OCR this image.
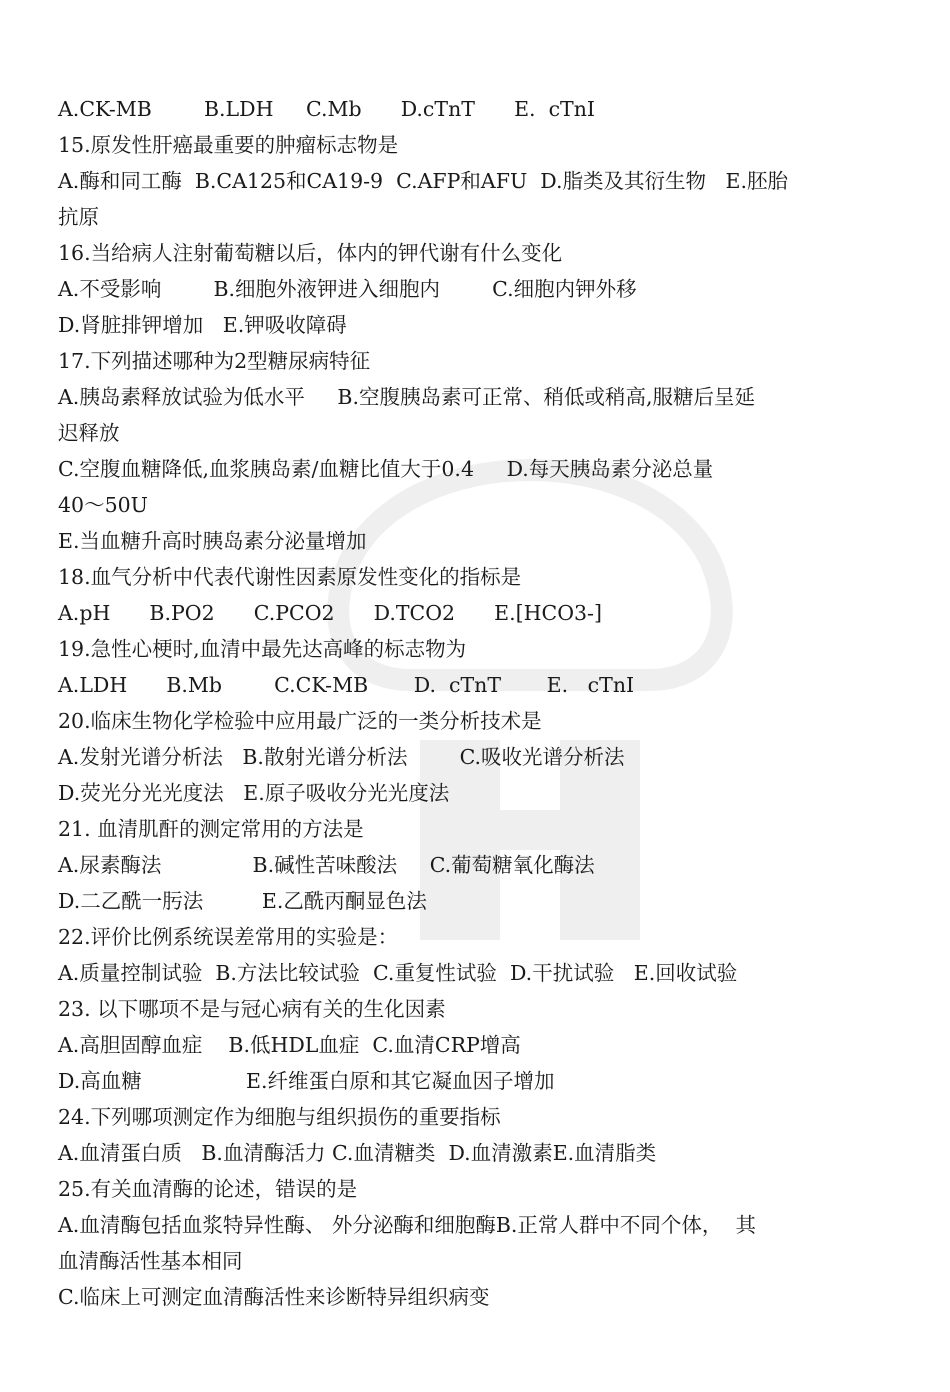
A.CK-MB        B.LDH     C.Mb      D.cTnT      E.  cTnI
15.原发性肝癌最重要的肿瘤标志物是
A.酶和同工酶  B.CA125和CA19-9  C.AFP和AFU  D.脂类及其衍生物   E.胚胎
抗原
16.当给病人注射葡萄糖以后，体内的钾代谢有什么变化
A.不受影响        B.细胞外液钾进入细胞内        C.细胞内钾外移
D.肾脏排钾增加   E.钾吸收障碍
17.下列描述哪种为2型糖尿病特征
A.胰岛素释放试验为低水平     B.空腹胰岛素可正常、稍低或稍高,服糖后呈延
迟释放
C.空腹血糖降低,血浆胰岛素/血糖比值大于0.4     D.每天胰岛素分泌总量
40～50U
E.当血糖升高时胰岛素分泌量增加
18.血气分析中代表代谢性因素原发性变化的指标是
A.pH      B.PO2      C.PCO2      D.TCO2      E.[HCO3-]
19.急性心梗时,血清中最先达高峰的标志物为
A.LDH      B.Mb        C.CK-MB       D.  cTnT       E.   cTnI
20.临床生物化学检验中应用最广泛的一类分析技术是
A.发射光谱分析法   B.散射光谱分析法        C.吸收光谱分析法
D.荧光分光光度法   E.原子吸收分光光度法
21. 血清肌酐的测定常用的方法是
A.尿素酶法              B.碱性苦味酸法     C.葡萄糖氧化酶法
D.二乙酰一肟法         E.乙酰丙酮显色法
22.评价比例系统误差常用的实验是：
A.质量控制试验  B.方法比较试验  C.重复性试验  D.干扰试验   E.回收试验
23. 以下哪项不是与冠心病有关的生化因素
A.高胆固醇血症    B.低HDL血症  C.血清CRP增高
D.高血糖                E.纤维蛋白原和其它凝血因子增加
24.下列哪项测定作为细胞与组织损伤的重要指标
A.血清蛋白质   B.血清酶活力 C.血清糖类  D.血清激素E.血清脂类
25.有关血清酶的论述，错误的是
A.血清酶包括血浆特异性酶、 外分泌酶和细胞酶B.正常人群中不同个体，  其
血清酶活性基本相同
C.临床上可测定血清酶活性来诊断特异组织病变
